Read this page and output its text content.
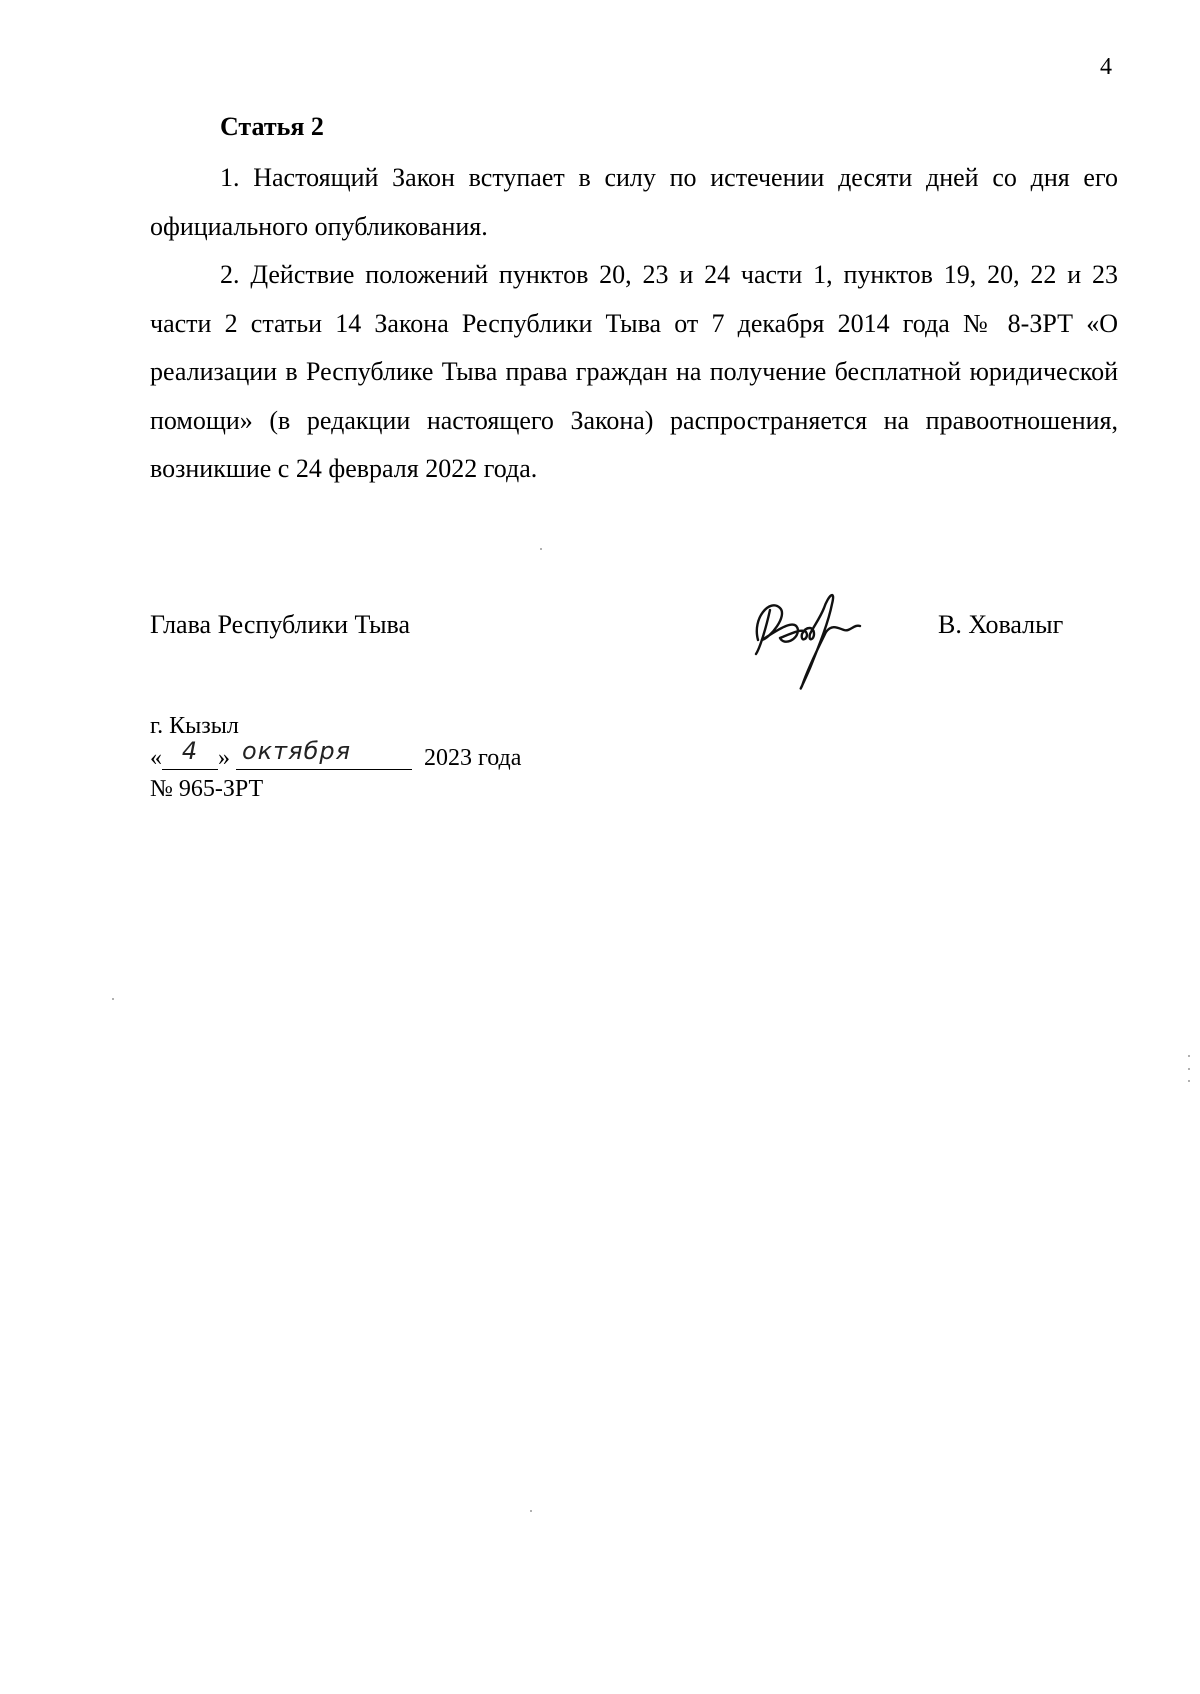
4
Статья 2

1. Настоящий Закон вступает в силу по истечении десяти дней со дня его официального опубликования.

2. Действие положений пунктов 20, 23 и 24 части 1, пунктов 19, 20, 22 и 23 части 2 статьи 14 Закона Республики Тыва от 7 декабря 2014 года № 8-ЗРТ «О реализации в Республике Тыва права граждан на получение бесплатной юридической помощи» (в редакции настоящего Закона) распространяется на правоотношения, возникшие с 24 февраля 2022 года.

Глава Республики Тыва	В. Ховалыг
г. Кызыл
« 4 » октября	2023 года
№ 965-ЗРТ
